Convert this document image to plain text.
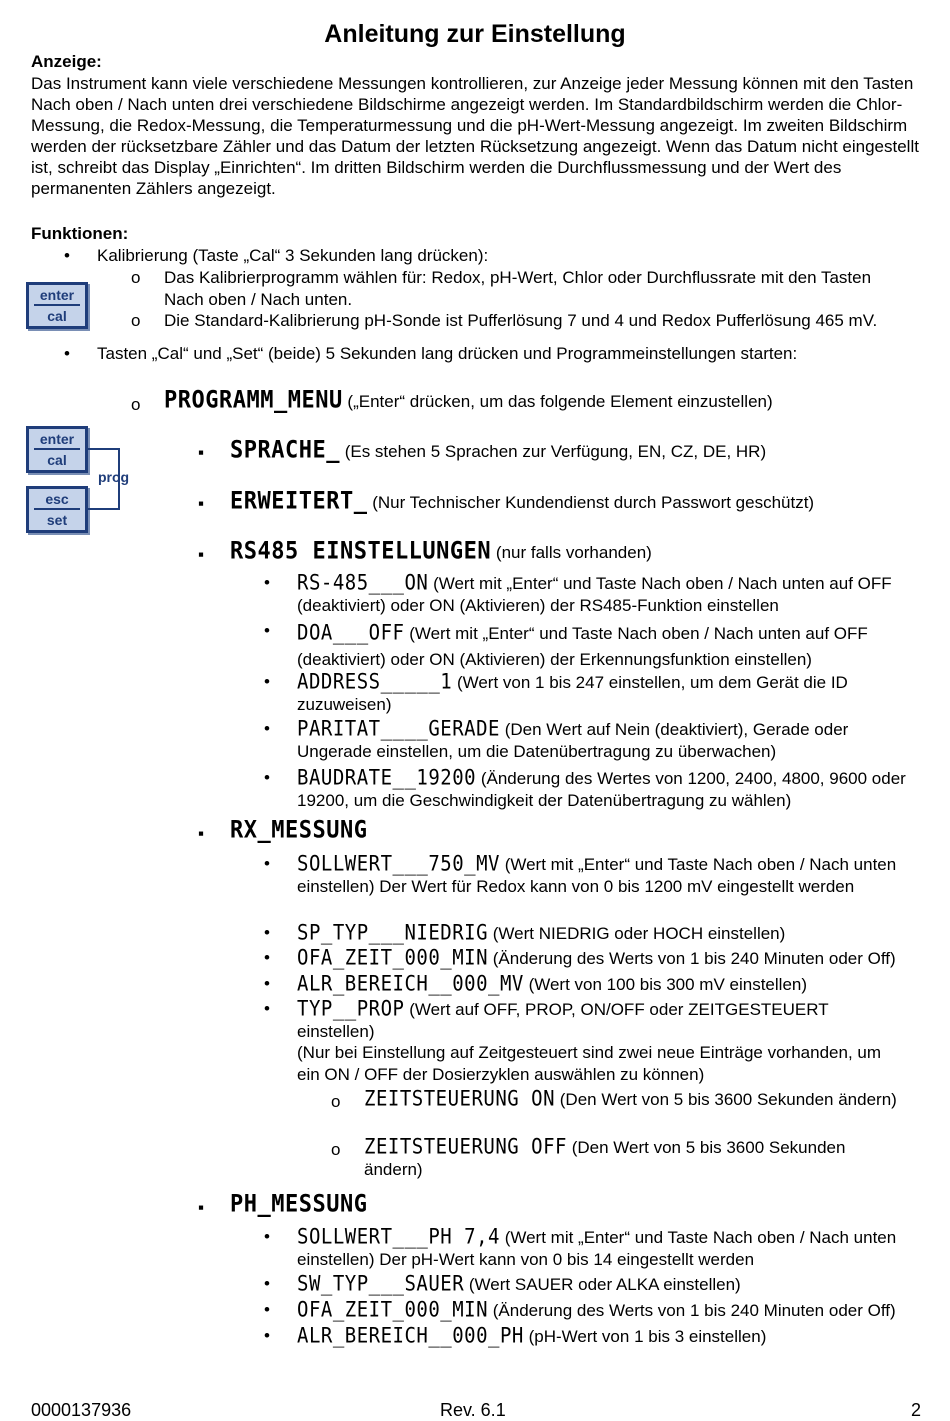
Anleitung zur Einstellung
Anzeige:
Das Instrument kann viele verschiedene Messungen kontrollieren, zur Anzeige jeder Messung können mit den Tasten Nach oben / Nach unten drei verschiedene Bildschirme angezeigt werden. Im Standardbildschirm werden die Chlor-Messung, die Redox-Messung, die Temperaturmessung und die pH-Wert-Messung angezeigt. Im zweiten Bildschirm werden der rücksetzbare Zähler und das Datum der letzten Rücksetzung angezeigt. Wenn das Datum nicht eingestellt ist, schreibt das Display „Einrichten“. Im dritten Bildschirm werden die Durchflussmessung und der Wert des permanenten Zählers angezeigt.
Funktionen:
• Kalibrierung (Taste „Cal“ 3 Sekunden lang drücken):
enter
cal
o Das Kalibrierprogramm wählen für: Redox, pH-Wert, Chlor oder Durchflussrate mit den Tasten Nach oben / Nach unten.
o Die Standard-Kalibrierung pH-Sonde ist Pufferlösung 7 und 4 und Redox Pufferlösung 465 mV.
• Tasten „Cal“ und „Set“ (beide) 5 Sekunden lang drücken und Programmeinstellungen starten:
o PROGRAMM_MENU („Enter“ drücken, um das folgende Element einzustellen)
enter
cal
esc
set
prog
▪ SPRACHE_ (Es stehen 5 Sprachen zur Verfügung, EN, CZ, DE, HR)
▪ ERWEITERT_ (Nur Technischer Kundendienst durch Passwort geschützt)
▪ RS485 EINSTELLUNGEN (nur falls vorhanden)
• RS-485___ON (Wert mit „Enter“ und Taste Nach oben / Nach unten auf OFF (deaktiviert) oder ON (Aktivieren) der RS485-Funktion einstellen
• DOA___OFF (Wert mit „Enter“ und Taste Nach oben / Nach unten auf OFF (deaktiviert) oder ON (Aktivieren) der Erkennungsfunktion einstellen)
• ADDRESS_____1 (Wert von 1 bis 247 einstellen, um dem Gerät die ID zuzuweisen)
• PARITAT____GERADE (Den Wert auf Nein (deaktiviert), Gerade oder Ungerade einstellen, um die Datenübertragung zu überwachen)
• BAUDRATE__19200 (Änderung des Wertes von 1200, 2400, 4800, 9600 oder 19200, um die Geschwindigkeit der Datenübertragung zu wählen)
▪ RX_MESSUNG
• SOLLWERT___750_MV (Wert mit „Enter“ und Taste Nach oben / Nach unten einstellen) Der Wert für Redox kann von 0 bis 1200 mV eingestellt werden
• SP_TYP___NIEDRIG (Wert NIEDRIG oder HOCH einstellen)
• OFA_ZEIT_000_MIN (Änderung des Werts von 1 bis 240 Minuten oder Off)
• ALR_BEREICH__000_MV (Wert von 100 bis 300 mV einstellen)
• TYP__PROP (Wert auf OFF, PROP, ON/OFF oder ZEITGESTEUERT einstellen)
(Nur bei Einstellung auf Zeitgesteuert sind zwei neue Einträge vorhanden, um ein ON / OFF der Dosierzyklen auswählen zu können)
o ZEITSTEUERUNG ON (Den Wert von 5 bis 3600 Sekunden ändern)
o ZEITSTEUERUNG OFF (Den Wert von 5 bis 3600 Sekunden ändern)
▪ PH_MESSUNG
• SOLLWERT___PH 7,4 (Wert mit „Enter“ und Taste Nach oben / Nach unten einstellen) Der pH-Wert kann von 0 bis 14 eingestellt werden
• SW_TYP___SAUER (Wert SAUER oder ALKA einstellen)
• OFA_ZEIT_000_MIN (Änderung des Werts von 1 bis 240 Minuten oder Off)
• ALR_BEREICH__000_PH (pH-Wert von 1 bis 3 einstellen)
0000137936	Rev. 6.1	2
